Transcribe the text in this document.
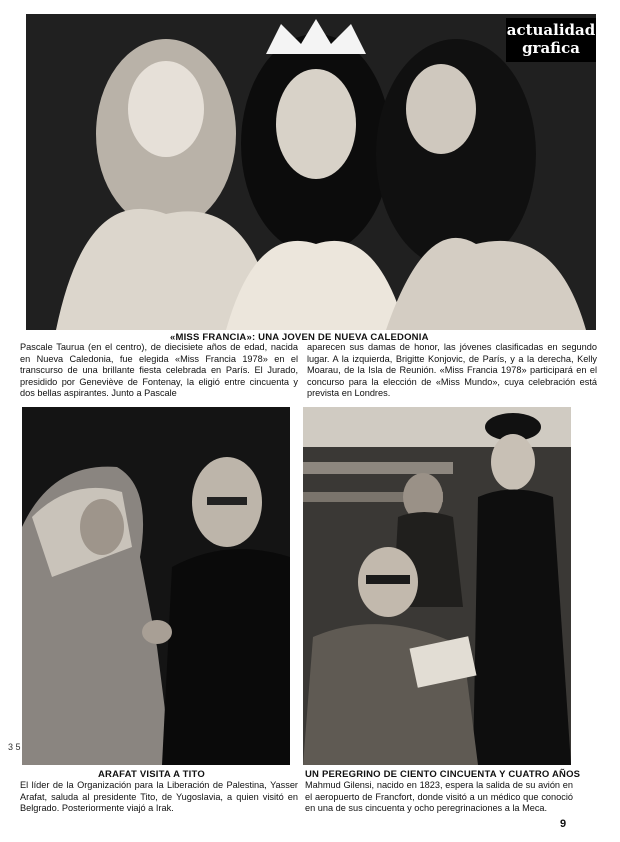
actualidad
grafica
«MISS FRANCIA»: UNA JOVEN DE NUEVA CALEDONIA

Pascale Taurua (en el centro), de diecisiete años de edad, nacida en Nueva Caledonia, fue elegida «Miss Francia 1978» en el transcurso de una brillante fiesta celebrada en París. El Jurado, presidido por Geneviève de Fontenay, la eligió entre cincuenta y dos bellas aspirantes. Junto a Pascale

aparecen sus damas de honor, las jóvenes clasificadas en segundo lugar. A la izquierda, Brigitte Konjovic, de París, y a la derecha, Kelly Moarau, de la Isla de Reunión. «Miss Francia 1978» participará en el concurso para la elección de «Miss Mundo», cuya celebración está prevista en Londres.

3 5
ARAFAT VISITA A TITO

El líder de la Organización para la Liberación de Palestina, Yasser Arafat, saluda al presidente Tito, de Yugoslavia, a quien visitó en Belgrado. Posteriormente viajó a Irak.

UN PEREGRINO DE CIENTO CINCUENTA Y CUATRO AÑOS

Mahmud Gilensi, nacido en 1823, espera la salida de su avión en el aeropuerto de Francfort, donde visitó a un médico que conoció en una de sus cincuenta y ocho peregrinaciones a la Meca.

9
